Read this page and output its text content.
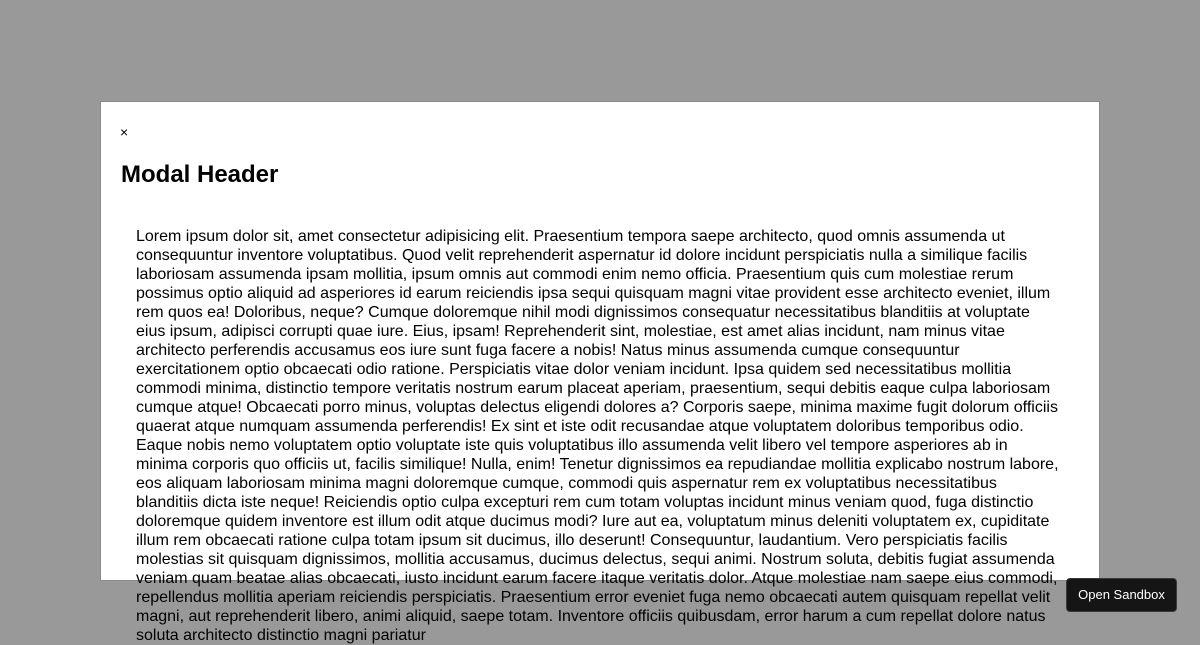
×
Modal Header

Lorem ipsum dolor sit, amet consectetur adipisicing elit. Praesentium tempora saepe architecto, quod omnis assumenda ut consequuntur inventore voluptatibus. Quod velit reprehenderit aspernatur id dolore incidunt perspiciatis nulla a similique facilis laboriosam assumenda ipsam mollitia, ipsum omnis aut commodi enim nemo officia. Praesentium quis cum molestiae rerum possimus optio aliquid ad asperiores id earum reiciendis ipsa sequi quisquam magni vitae provident esse architecto eveniet, illum rem quos ea! Doloribus, neque? Cumque doloremque nihil modi dignissimos consequatur necessitatibus blanditiis at voluptate eius ipsum, adipisci corrupti quae iure. Eius, ipsam! Reprehenderit sint, molestiae, est amet alias incidunt, nam minus vitae architecto perferendis accusamus eos iure sunt fuga facere a nobis! Natus minus assumenda cumque consequuntur exercitationem optio obcaecati odio ratione. Perspiciatis vitae dolor veniam incidunt. Ipsa quidem sed necessitatibus mollitia commodi minima, distinctio tempore veritatis nostrum earum placeat aperiam, praesentium, sequi debitis eaque culpa laboriosam cumque atque! Obcaecati porro minus, voluptas delectus eligendi dolores a? Corporis saepe, minima maxime fugit dolorum officiis quaerat atque numquam assumenda perferendis! Ex sint et iste odit recusandae atque voluptatem doloribus temporibus odio. Eaque nobis nemo voluptatem optio voluptate iste quis voluptatibus illo assumenda velit libero vel tempore asperiores ab in minima corporis quo officiis ut, facilis similique! Nulla, enim! Tenetur dignissimos ea repudiandae mollitia explicabo nostrum labore, eos aliquam laboriosam minima magni doloremque cumque, commodi quis aspernatur rem ex voluptatibus necessitatibus blanditiis dicta iste neque! Reiciendis optio culpa excepturi rem cum totam voluptas incidunt minus veniam quod, fuga distinctio doloremque quidem inventore est illum odit atque ducimus modi? Iure aut ea, voluptatum minus deleniti voluptatem ex, cupiditate illum rem obcaecati ratione culpa totam ipsum sit ducimus, illo deserunt! Consequuntur, laudantium. Vero perspiciatis facilis molestias sit quisquam dignissimos, mollitia accusamus, ducimus delectus, sequi animi. Nostrum soluta, debitis fugiat assumenda veniam quam beatae alias obcaecati, iusto incidunt earum facere itaque veritatis dolor. Atque molestiae nam saepe eius commodi, repellendus mollitia aperiam reiciendis perspiciatis. Praesentium error eveniet fuga nemo obcaecati autem quisquam repellat velit magni, aut reprehenderit libero, animi aliquid, saepe totam. Inventore officiis quibusdam, error harum a cum repellat dolore natus soluta architecto distinctio magni pariatur

Open Sandbox
